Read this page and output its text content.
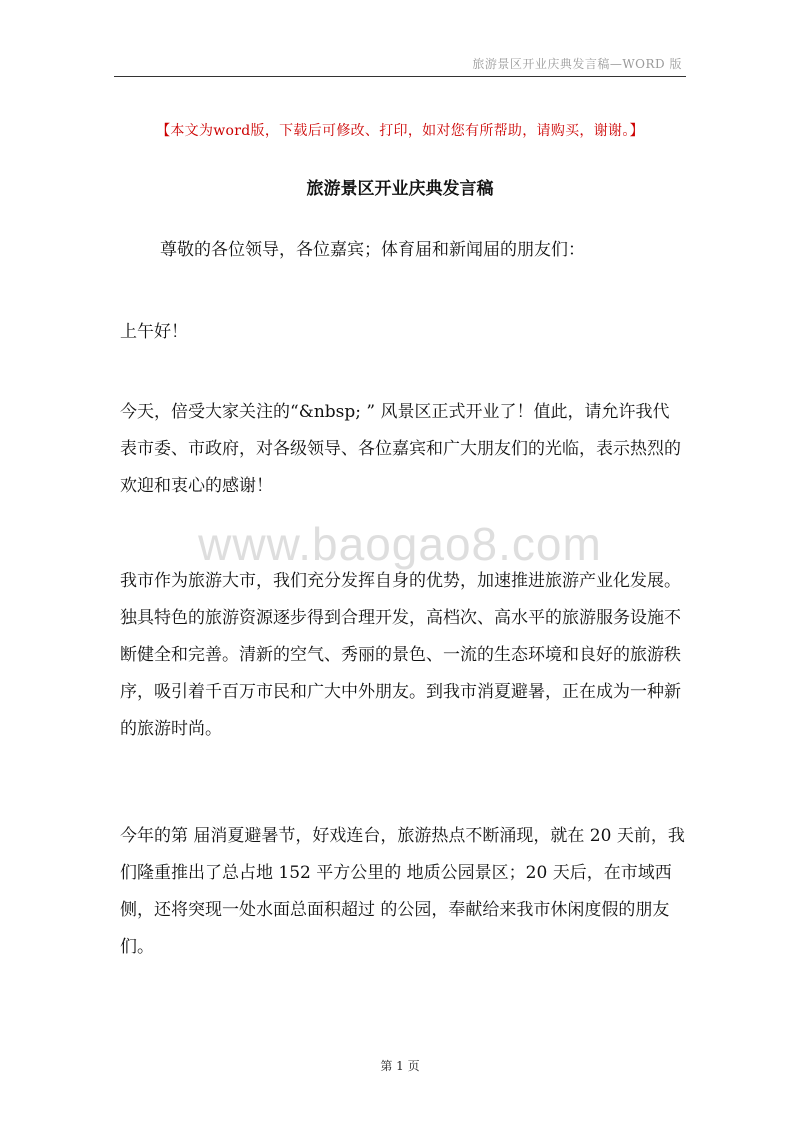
旅游景区开业庆典发言稿—WORD 版
【本文为word版，下载后可修改、打印，如对您有所帮助，请购买，谢谢。】
旅游景区开业庆典发言稿

尊敬的各位领导，各位嘉宾；体育届和新闻届的朋友们：

上午好！

今天，倍受大家关注的“&nbsp; ” 风景区正式开业了！值此，请允许我代表市委、市政府，对各级领导、各位嘉宾和广大朋友们的光临，表示热烈的欢迎和衷心的感谢！

我市作为旅游大市，我们充分发挥自身的优势，加速推进旅游产业化发展。独具特色的旅游资源逐步得到合理开发，高档次、高水平的旅游服务设施不断健全和完善。清新的空气、秀丽的景色、一流的生态环境和良好的旅游秩序，吸引着千百万市民和广大中外朋友。到我市消夏避暑，正在成为一种新的旅游时尚。

今年的第 届消夏避暑节，好戏连台，旅游热点不断涌现，就在 20 天前，我们隆重推出了总占地 152 平方公里的 地质公园景区；20 天后，在市域西侧，还将突现一处水面总面积超过 的公园，奉献给来我市休闲度假的朋友们。

www.baogao8.com
第 1 页
